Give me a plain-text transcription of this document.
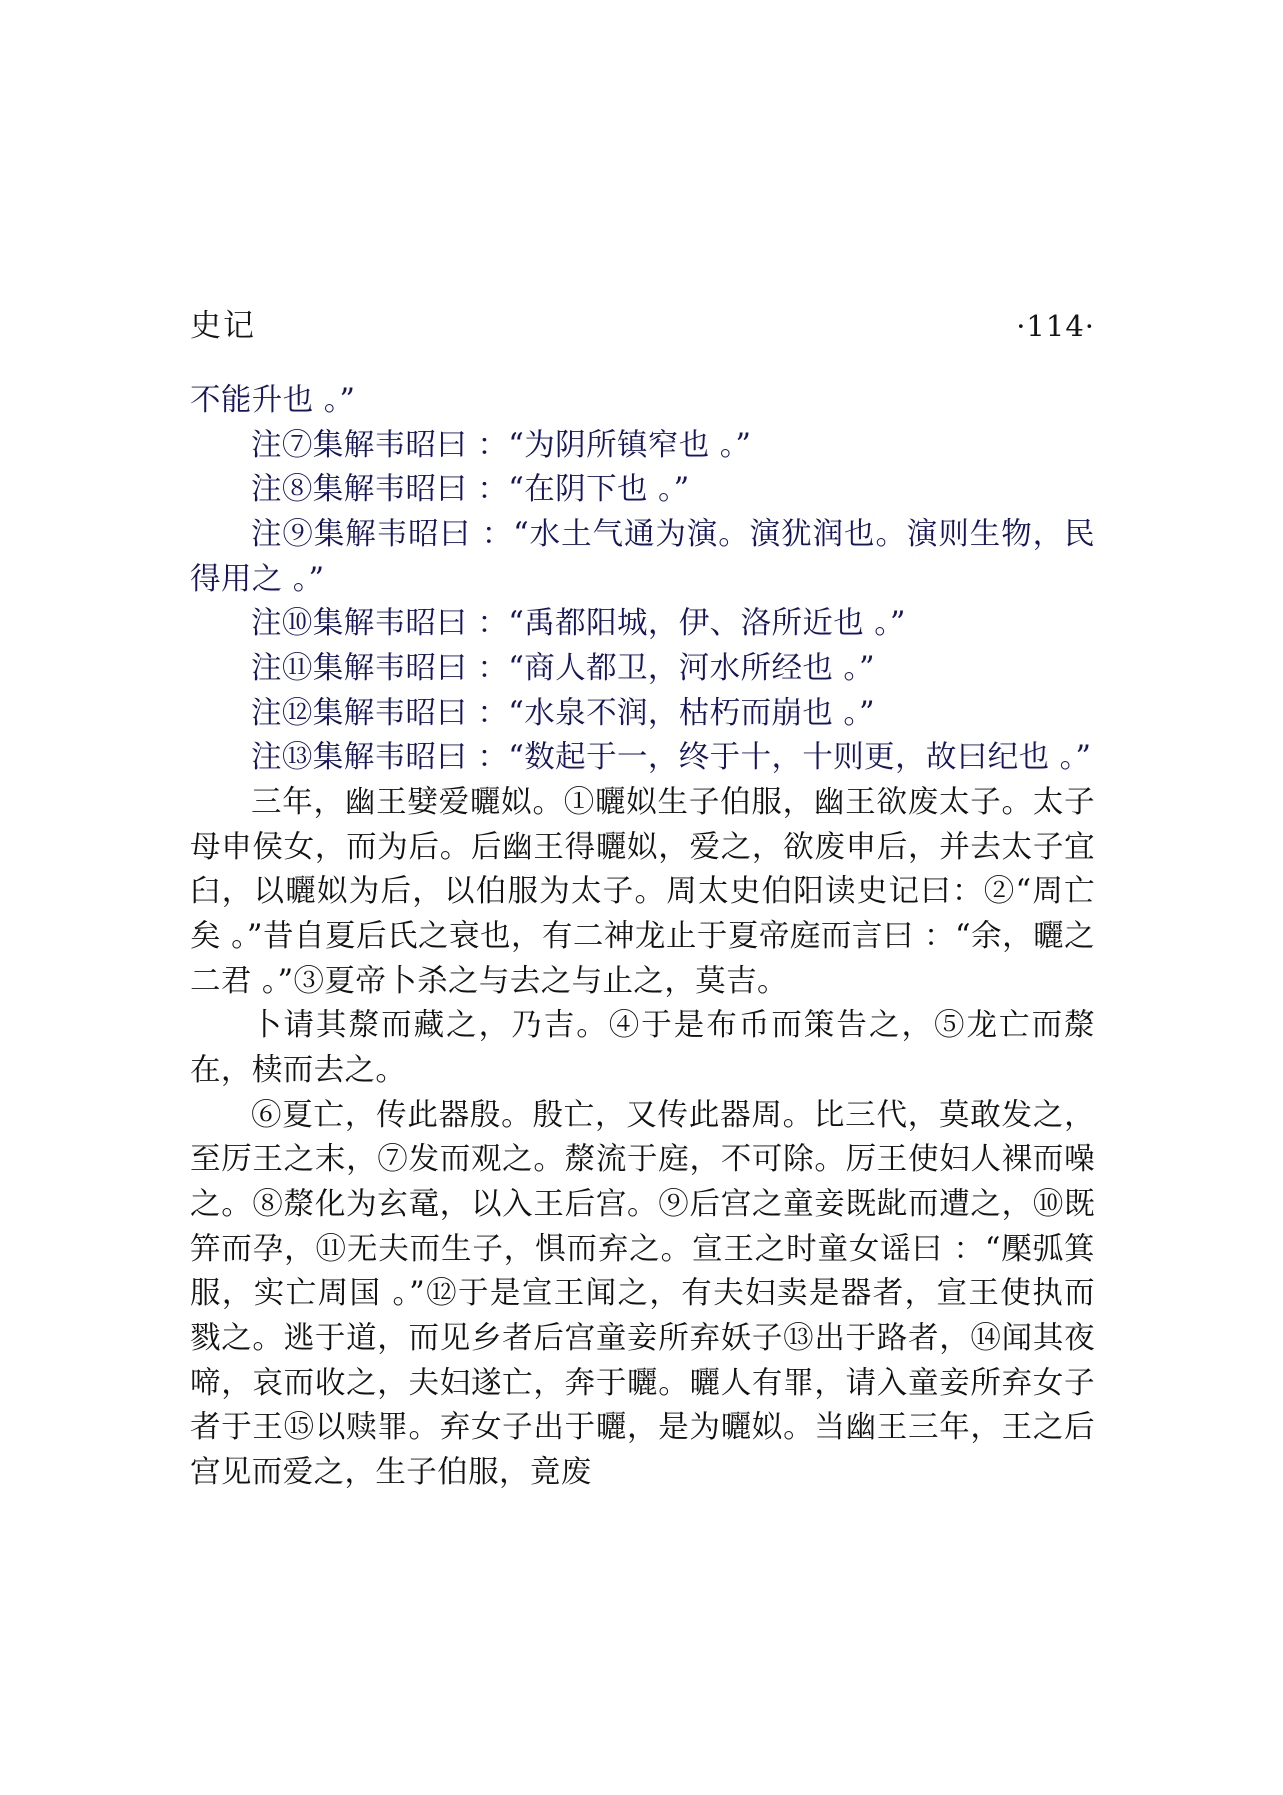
史记	·114·

不能升也 。”

注⑦集解韦昭曰 ：“为阴所镇窄也 。”

注⑧集解韦昭曰 ：“在阴下也 。”

注⑨集解韦昭曰 ：“水土气通为演。演犹润也。演则生物，民得用之 。”

注⑩集解韦昭曰 ：“禹都阳城，伊、洛所近也 。”

注⑪集解韦昭曰 ：“商人都卫，河水所经也 。”

注⑫集解韦昭曰 ：“水泉不润，枯朽而崩也 。”

注⑬集解韦昭曰 ：“数起于一，终于十，十则更，故曰纪也 。”

三年，幽王嬖爱曬姒。①曬姒生子伯服，幽王欲废太子。太子母申侯女，而为后。后幽王得曬姒，爱之，欲废申后，并去太子宜臼，以曬姒为后，以伯服为太子。周太史伯阳读史记曰：②“周亡矣 。”昔自夏后氏之衰也，有二神龙止于夏帝庭而言曰 ：“余，曬之二君 。”③夏帝卜杀之与去之与止之，莫吉。

卜请其漦而藏之，乃吉。④于是布币而策告之，⑤龙亡而漦在，椟而去之。

⑥夏亡，传此器殷。殷亡，又传此器周。比三代，莫敢发之，至厉王之末，⑦发而观之。漦流于庭，不可除。厉王使妇人裸而噪之。⑧漦化为玄鼋，以入王后宫。⑨后宫之童妾既龀而遭之，⑩既笄而孕，⑪无夫而生子，惧而弃之。宣王之时童女谣曰 ：“檿弧箕服，实亡周国 。”⑫于是宣王闻之，有夫妇卖是器者，宣王使执而戮之。逃于道，而见乡者后宫童妾所弃妖子⑬出于路者，⑭闻其夜啼，哀而收之，夫妇遂亡，奔于曬。曬人有罪，请入童妾所弃女子者于王⑮以赎罪。弃女子出于曬，是为曬姒。当幽王三年，王之后宫见而爱之，生子伯服，竟废
